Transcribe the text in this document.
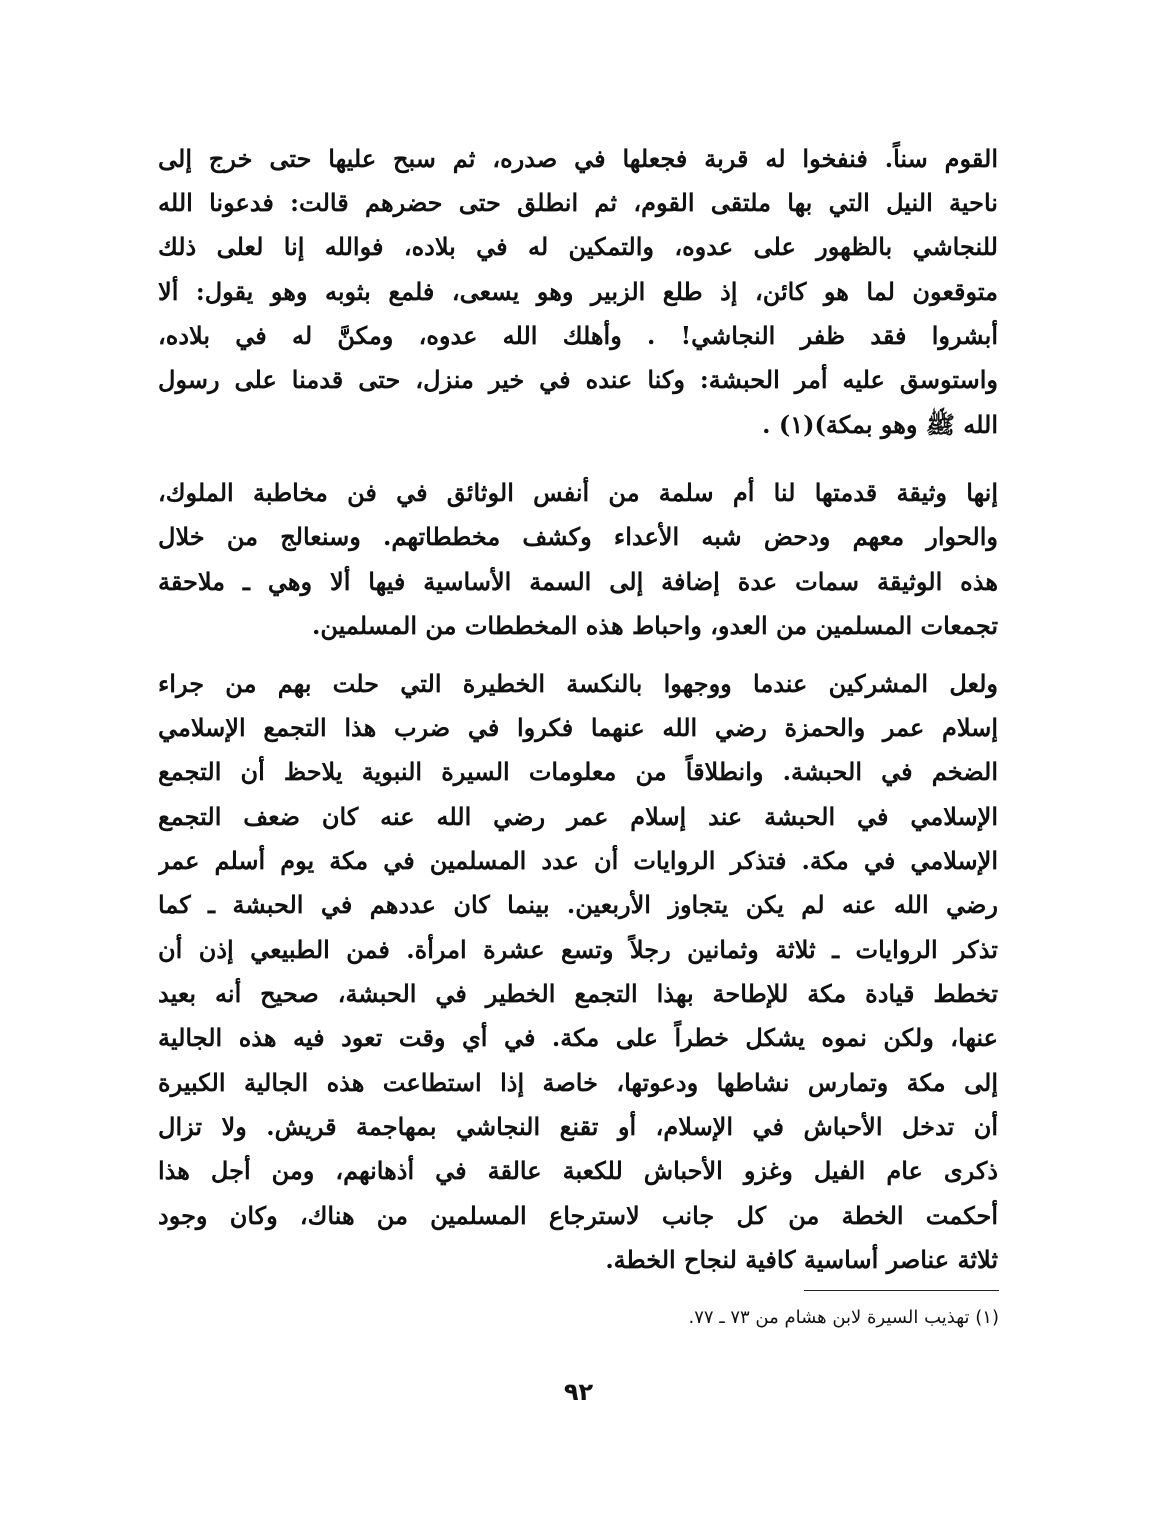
القوم سناً. فنفخوا له قربة فجعلها في صدره، ثم سبح عليها حتى خرج إلى
ناحية النيل التي بها ملتقى القوم، ثم انطلق حتى حضرهم قالت: فدعونا الله
للنجاشي بالظهور على عدوه، والتمكين له في بلاده، فوالله إنا لعلى ذلك
متوقعون لما هو كائن، إذ طلع الزبير وهو يسعى، فلمع بثوبه وهو يقول: ألا
أبشروا فقد ظفر النجاشي! . وأهلك الله عدوه، ومكنَّ له في بلاده،
واستوسق عليه أمر الحبشة: وكنا عنده في خير منزل، حتى قدمنا على رسول
الله ﷺ وهو بمكة)(١) .
إنها وثيقة قدمتها لنا أم سلمة من أنفس الوثائق في فن مخاطبة الملوك،
والحوار معهم ودحض شبه الأعداء وكشف مخططاتهم. وسنعالج من خلال
هذه الوثيقة سمات عدة إضافة إلى السمة الأساسية فيها ألا وهي ـ ملاحقة
تجمعات المسلمين من العدو، واحباط هذه المخططات من المسلمين.
ولعل المشركين عندما ووجهوا بالنكسة الخطيرة التي حلت بهم من جراء
إسلام عمر والحمزة رضي الله عنهما فكروا في ضرب هذا التجمع الإسلامي
الضخم في الحبشة. وانطلاقاً من معلومات السيرة النبوية يلاحظ أن التجمع
الإسلامي في الحبشة عند إسلام عمر رضي الله عنه كان ضعف التجمع
الإسلامي في مكة. فتذكر الروايات أن عدد المسلمين في مكة يوم أسلم عمر
رضي الله عنه لم يكن يتجاوز الأربعين. بينما كان عددهم في الحبشة ـ كما
تذكر الروايات ـ ثلاثة وثمانين رجلاً وتسع عشرة امرأة. فمن الطبيعي إذن أن
تخطط قيادة مكة للإطاحة بهذا التجمع الخطير في الحبشة، صحيح أنه بعيد
عنها، ولكن نموه يشكل خطراً على مكة. في أي وقت تعود فيه هذه الجالية
إلى مكة وتمارس نشاطها ودعوتها، خاصة إذا استطاعت هذه الجالية الكبيرة
أن تدخل الأحباش في الإسلام، أو تقنع النجاشي بمهاجمة قريش. ولا تزال
ذكرى عام الفيل وغزو الأحباش للكعبة عالقة في أذهانهم، ومن أجل هذا
أحكمت الخطة من كل جانب لاسترجاع المسلمين من هناك، وكان وجود
ثلاثة عناصر أساسية كافية لنجاح الخطة.
(١) تهذيب السيرة لابن هشام من ٧٣ ـ ٧٧.
٩٢
